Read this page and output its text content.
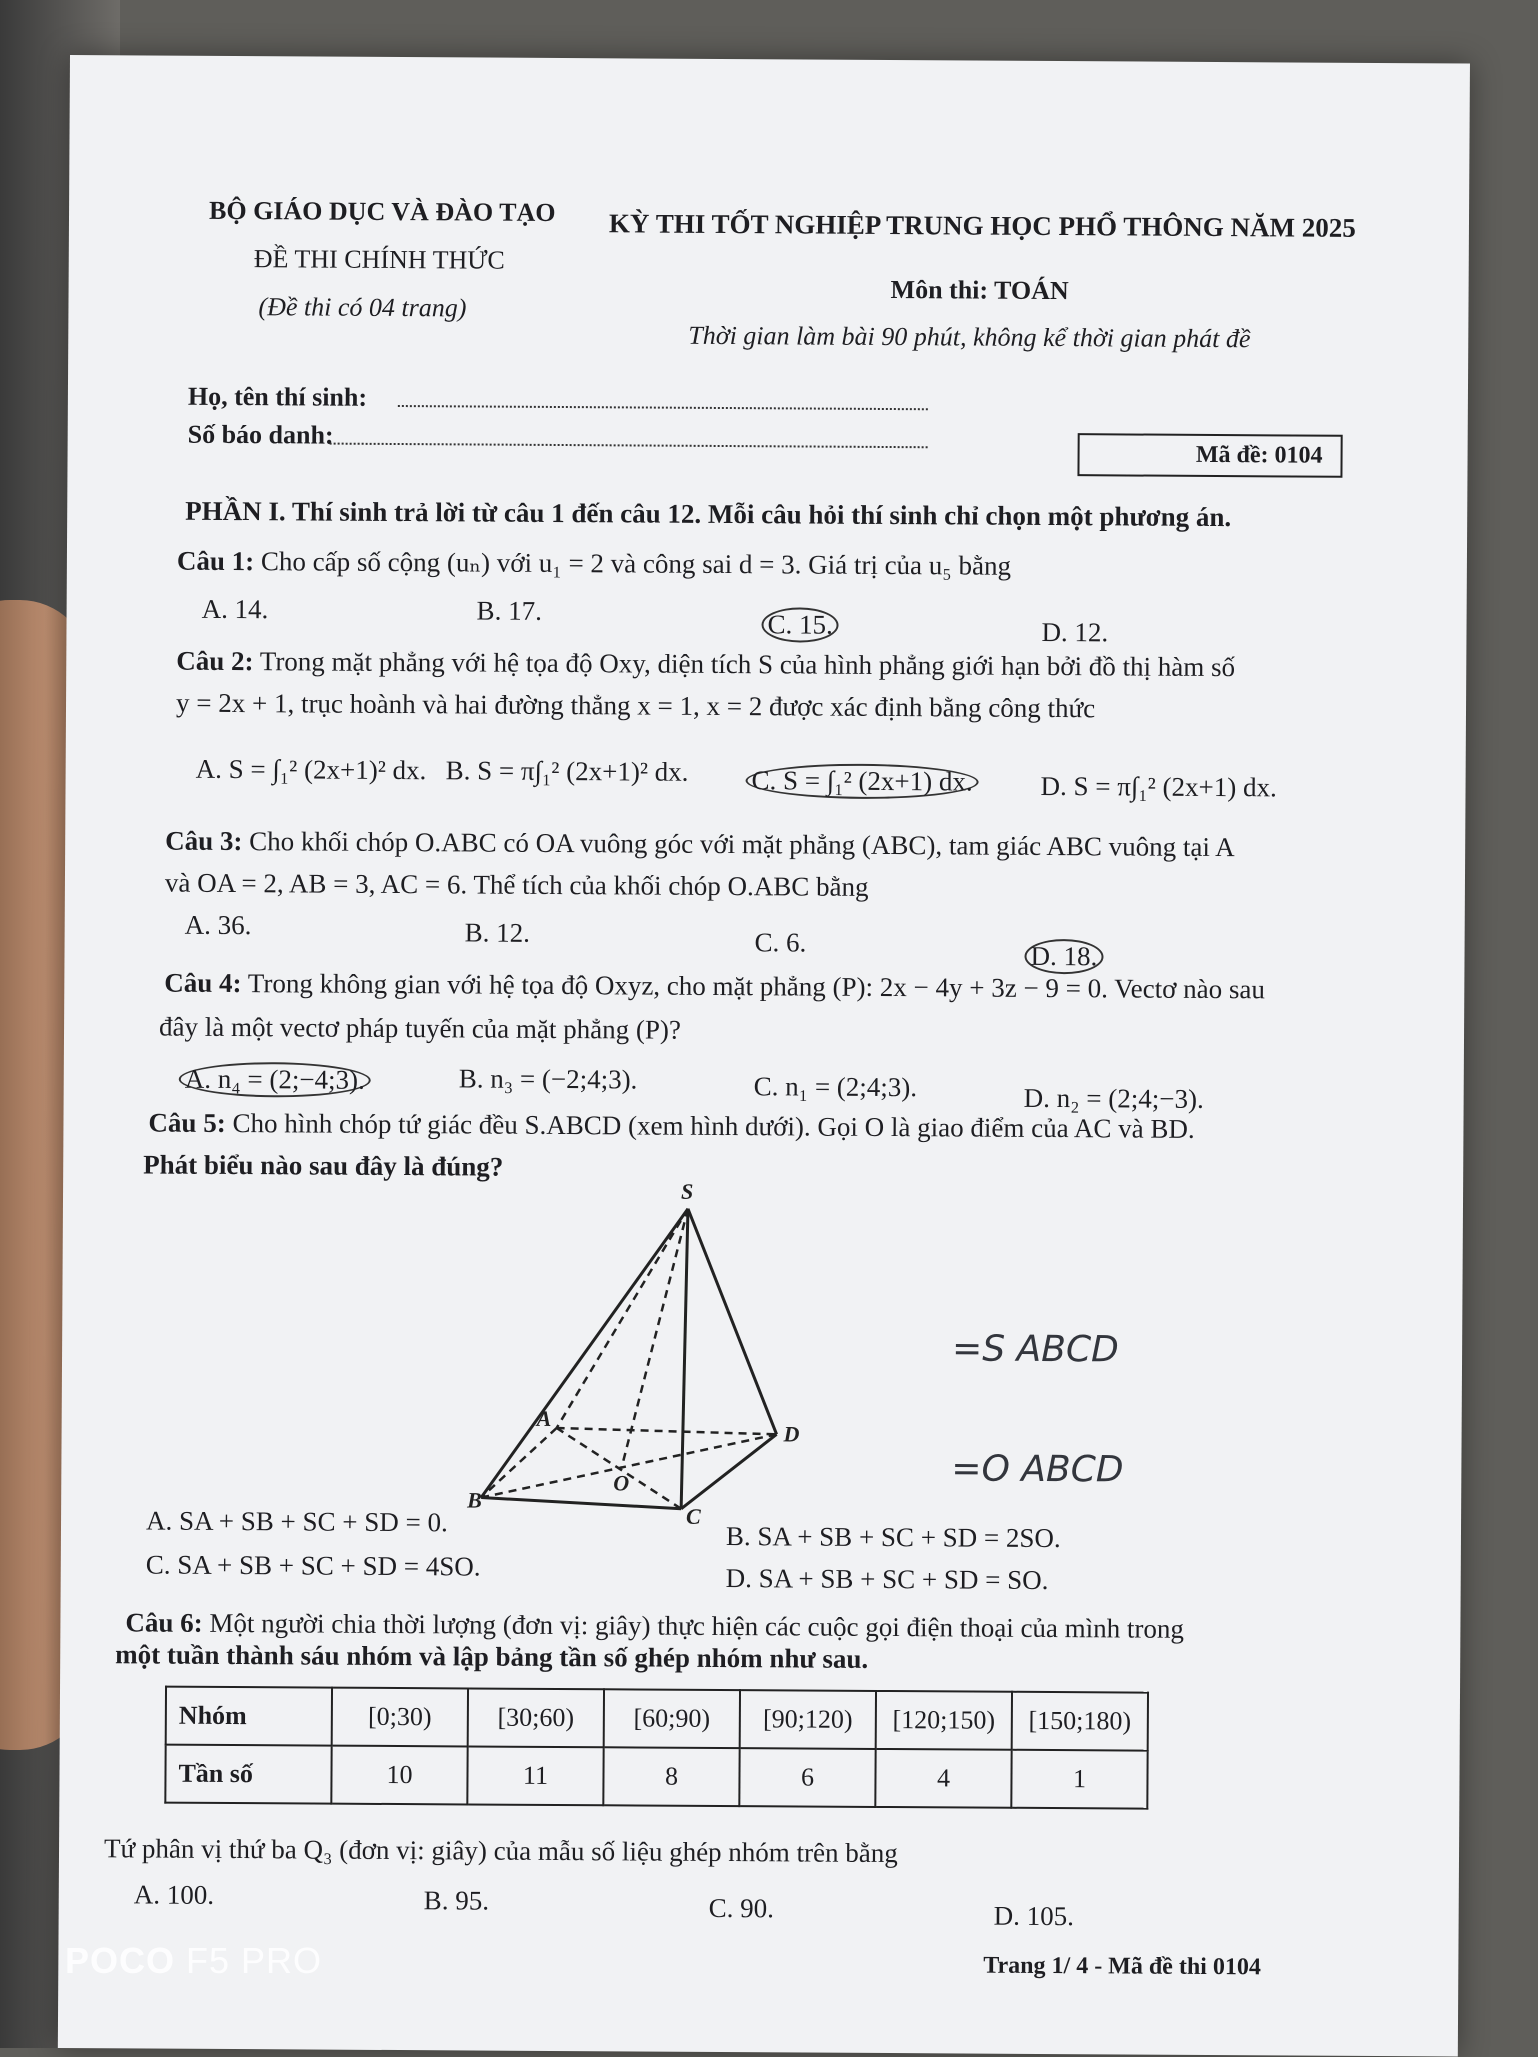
BỘ GIÁO DỤC VÀ ĐÀO TẠO
ĐỀ THI CHÍNH THỨC
(Đề thi có 04 trang)
KỲ THI TỐT NGHIỆP TRUNG HỌC PHỔ THÔNG NĂM 2025
Môn thi: TOÁN
Thời gian làm bài 90 phút, không kể thời gian phát đề
Họ, tên thí sinh:
Số báo danh:
Mã đề: 0104
PHẦN I. Thí sinh trả lời từ câu 1 đến câu 12. Mỗi câu hỏi thí sinh chỉ chọn một phương án.
Câu 1: Cho cấp số cộng (uₙ) với u₁ = 2 và công sai d = 3. Giá trị của u₅ bằng
A. 14.	B. 17.	C. 15.	D. 12.
Câu 2: Trong mặt phẳng với hệ tọa độ Oxy, diện tích S của hình phẳng giới hạn bởi đồ thị hàm số
y = 2x + 1, trục hoành và hai đường thẳng x = 1, x = 2 được xác định bằng công thức
A. S = ∫₁² (2x+1)² dx. B. S = π∫₁² (2x+1)² dx. C. S = ∫₁² (2x+1) dx.	D. S = π∫₁² (2x+1) dx.
Câu 3: Cho khối chóp O.ABC có OA vuông góc với mặt phẳng (ABC), tam giác ABC vuông tại A
và OA = 2, AB = 3, AC = 6. Thể tích của khối chóp O.ABC bằng
A. 36.	B. 12.	C. 6.	D. 18.
Câu 4: Trong không gian với hệ tọa độ Oxyz, cho mặt phẳng (P): 2x − 4y + 3z − 9 = 0. Vectơ nào sau
đây là một vectơ pháp tuyến của mặt phẳng (P)?
A. n₄ = (2;−4;3).	B. n₃ = (−2;4;3).	C. n₁ = (2;4;3).	D. n₂ = (2;4;−3).
Câu 5: Cho hình chóp tứ giác đều S.ABCD (xem hình dưới). Gọi O là giao điểm của AC và BD.
Phát biểu nào sau đây là đúng?
S
A
B
C
D
O
=S ABCD
=O ABCD
A. SA + SB + SC + SD = 0.	B. SA + SB + SC + SD = 2SO.
C. SA + SB + SC + SD = 4SO.	D. SA + SB + SC + SD = SO.
Câu 6: Một người chia thời lượng (đơn vị: giây) thực hiện các cuộc gọi điện thoại của mình trong
một tuần thành sáu nhóm và lập bảng tần số ghép nhóm như sau.
Nhóm	[0;30)	[30;60)	[60;90)	[90;120)	[120;150)	[150;180)
Tần số	10	11	8	6	4	1
Tứ phân vị thứ ba Q₃ (đơn vị: giây) của mẫu số liệu ghép nhóm trên bằng
A. 100.	B. 95.	C. 90.	D. 105.
Trang 1/ 4 - Mã đề thi 0104
POCO F5 PRO
